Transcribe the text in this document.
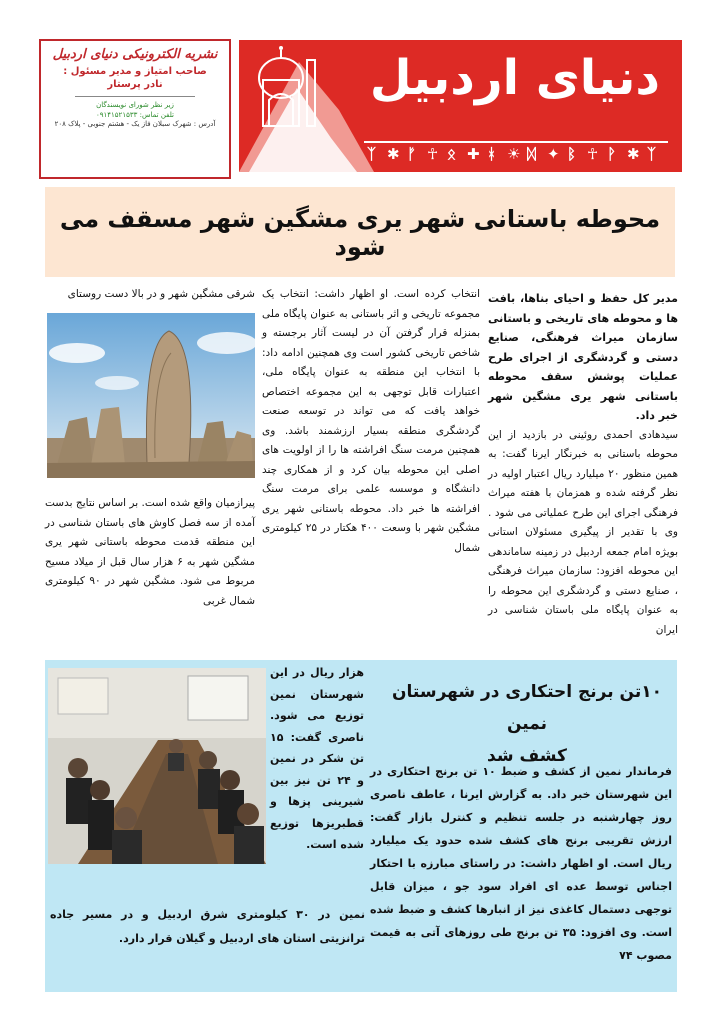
نشریه الکترونیکی دنیای اردبیل
صاحب امتیاز و مدیر مسئول :
نادر پرستار
زیر نظر شورای نویسندگان
تلفن تماس: ۰۹۱۴۱۵۲۱۵۳۳
آدرس : شهرک سبلان فاز یک - هشتم جنوبی - پلاک ۲۰۸
دنیای اردبیل
ᛉ ✱ ᚠ ☥ ᛟ ✚ ᚼ ☀ ᛞ ✦ ᛒ ☥ ᚹ ✱ ᛉ
محوطه باستانی شهر یری مشگین شهر مسقف می شود

مدیر کل حفظ و احیای بناها، بافت ها و محوطه های تاریخی و باستانی سازمان میراث فرهنگی، صنایع دستی و گردشگری از اجرای طرح عملیات پوشش سقف محوطه باستانی شهر یری مشگین شهر خبر داد.

سیدهادی احمدی روئینی در بازدید از این محوطه باستانی به خبرنگار ایرنا گفت: به همین منظور ۲۰ میلیارد ریال اعتبار اولیه در نظر گرفته شده و همزمان با هفته میراث فرهنگی اجرای این طرح عملیاتی می شود . وی با تقدیر از پیگیری مسئولان استانی بویژه امام جمعه اردبیل در زمینه ساماندهی این محوطه افزود: سازمان میراث فرهنگی ، صنایع دستی و گردشگری این محوطه را به عنوان پایگاه ملی باستان شناسی در ایران

انتخاب کرده است. او اظهار داشت: انتخاب یک مجموعه تاریخی و اثر باستانی به عنوان پایگاه ملی بمنزله قرار گرفتن آن در لیست آثار برجسته و شاخص تاریخی کشور است وی همچنین ادامه داد: با انتخاب این منطقه به عنوان پایگاه ملی، اعتبارات قابل توجهی به این مجموعه اختصاص خواهد یافت که می تواند در توسعه صنعت گردشگری منطقه بسیار ارزشمند باشد. وی همچنین مرمت سنگ افراشته ها را از اولویت های اصلی این محوطه بیان کرد و از همکاری چند دانشگاه و موسسه علمی برای مرمت سنگ افراشته ها خبر داد. محوطه باستانی شهر یری مشگین شهر با وسعت ۴۰۰ هکتار در ۲۵ کیلومتری شمال

شرقی مشگین شهر و در بالا دست روستای

پیرازمیان واقع شده است. بر اساس نتایج بدست آمده از سه فصل کاوش های باستان شناسی در این منطقه قدمت محوطه باستانی شهر یری مشگین شهر به ۶ هزار سال قبل از میلاد مسیح مربوط می شود. مشگین شهر در ۹۰ کیلومتری شمال غربی

۱۰تن برنج احتکاری در شهرستان نمین
کشف شد

فرماندار نمین از کشف و ضبط ۱۰ تن برنج احتکاری در این شهرستان خبر داد. به گزارش ایرنا ، عاطف ناصری روز چهارشنبه در جلسه تنظیم و کنترل بازار گفت: ارزش تقریبی برنج های کشف شده حدود یک میلیارد ریال است. او اظهار داشت: در راستای مبارزه با احتکار اجناس توسط عده ای افراد سود جو ، میزان قابل توجهی دستمال کاغذی نیز از انبارها کشف و ضبط شده است. وی افزود: ۳۵ تن برنج طی روزهای آتی به قیمت مصوب ۷۴

هزار ریال در این شهرستان نمین توزیع می شود. ناصری گفت: ۱۵ تن شکر در نمین و ۲۴ تن نیز بین شیرینی پزها و قطبریزها توزیع شده است.

نمین در ۳۰ کیلومتری شرق اردبیل و در مسیر جاده ترانزیتی استان های اردبیل و گیلان قرار دارد.
